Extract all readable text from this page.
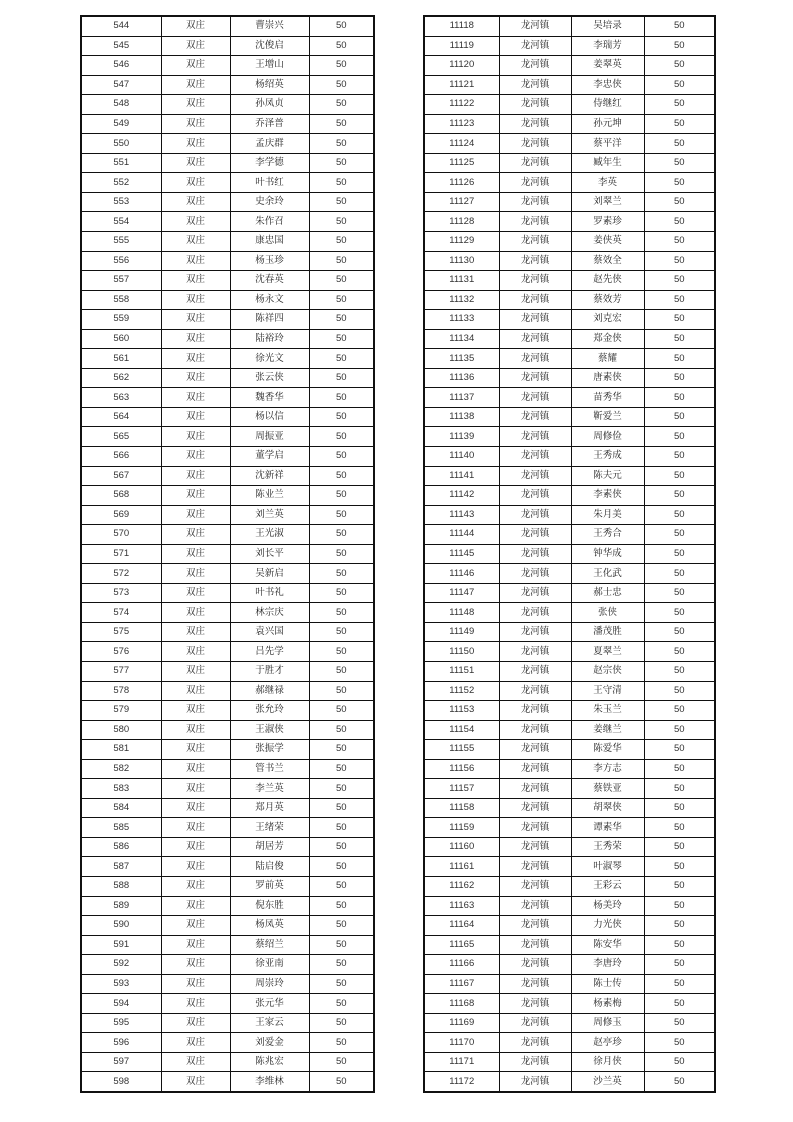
544	双庄	曹崇兴	50
545	双庄	沈俊启	50
546	双庄	王增山	50
547	双庄	杨绍英	50
548	双庄	孙凤贞	50
549	双庄	乔泽普	50
550	双庄	孟庆群	50
551	双庄	李学德	50
552	双庄	叶书红	50
553	双庄	史余玲	50
554	双庄	朱作召	50
555	双庄	康忠国	50
556	双庄	杨玉珍	50
557	双庄	沈春英	50
558	双庄	杨永文	50
559	双庄	陈祥四	50
560	双庄	陆裕玲	50
561	双庄	徐光文	50
562	双庄	张云侠	50
563	双庄	魏香华	50
564	双庄	杨以信	50
565	双庄	周振亚	50
566	双庄	董学启	50
567	双庄	沈新祥	50
568	双庄	陈业兰	50
569	双庄	刘兰英	50
570	双庄	王光淑	50
571	双庄	刘长平	50
572	双庄	吴新启	50
573	双庄	叶书礼	50
574	双庄	林宗庆	50
575	双庄	袁兴国	50
576	双庄	吕先学	50
577	双庄	于胜才	50
578	双庄	郝继禄	50
579	双庄	张允玲	50
580	双庄	王淑侠	50
581	双庄	张振学	50
582	双庄	管书兰	50
583	双庄	李兰英	50
584	双庄	郑月英	50
585	双庄	王绪荣	50
586	双庄	胡居芳	50
587	双庄	陆启俊	50
588	双庄	罗前英	50
589	双庄	倪东胜	50
590	双庄	杨凤英	50
591	双庄	蔡绍兰	50
592	双庄	徐亚南	50
593	双庄	周崇玲	50
594	双庄	张元华	50
595	双庄	王家云	50
596	双庄	刘爱金	50
597	双庄	陈兆宏	50
598	双庄	李维林	50
11118	龙河镇	吴培录	50
11119	龙河镇	李瑞芳	50
11120	龙河镇	姜翠英	50
11121	龙河镇	李忠侠	50
11122	龙河镇	侍继红	50
11123	龙河镇	孙元坤	50
11124	龙河镇	蔡平洋	50
11125	龙河镇	臧年生	50
11126	龙河镇	李英	50
11127	龙河镇	刘翠兰	50
11128	龙河镇	罗素珍	50
11129	龙河镇	姜侠英	50
11130	龙河镇	蔡效全	50
11131	龙河镇	赵先侠	50
11132	龙河镇	蔡效芳	50
11133	龙河镇	刘克宏	50
11134	龙河镇	郑金侠	50
11135	龙河镇	蔡耀	50
11136	龙河镇	唐素侠	50
11137	龙河镇	苗秀华	50
11138	龙河镇	靳爱兰	50
11139	龙河镇	周修俭	50
11140	龙河镇	王秀成	50
11141	龙河镇	陈夫元	50
11142	龙河镇	李素侠	50
11143	龙河镇	朱月美	50
11144	龙河镇	王秀合	50
11145	龙河镇	钟华成	50
11146	龙河镇	王化武	50
11147	龙河镇	郝士忠	50
11148	龙河镇	张侠	50
11149	龙河镇	潘茂胜	50
11150	龙河镇	夏翠兰	50
11151	龙河镇	赵宗侠	50
11152	龙河镇	王守清	50
11153	龙河镇	朱玉兰	50
11154	龙河镇	姜继兰	50
11155	龙河镇	陈爱华	50
11156	龙河镇	李方志	50
11157	龙河镇	蔡铁亚	50
11158	龙河镇	胡翠侠	50
11159	龙河镇	谭素华	50
11160	龙河镇	王秀荣	50
11161	龙河镇	叶淑琴	50
11162	龙河镇	王彩云	50
11163	龙河镇	杨美玲	50
11164	龙河镇	力光侠	50
11165	龙河镇	陈安华	50
11166	龙河镇	李唐玲	50
11167	龙河镇	陈士传	50
11168	龙河镇	杨素梅	50
11169	龙河镇	周修玉	50
11170	龙河镇	赵亭珍	50
11171	龙河镇	徐月侠	50
11172	龙河镇	沙兰英	50
